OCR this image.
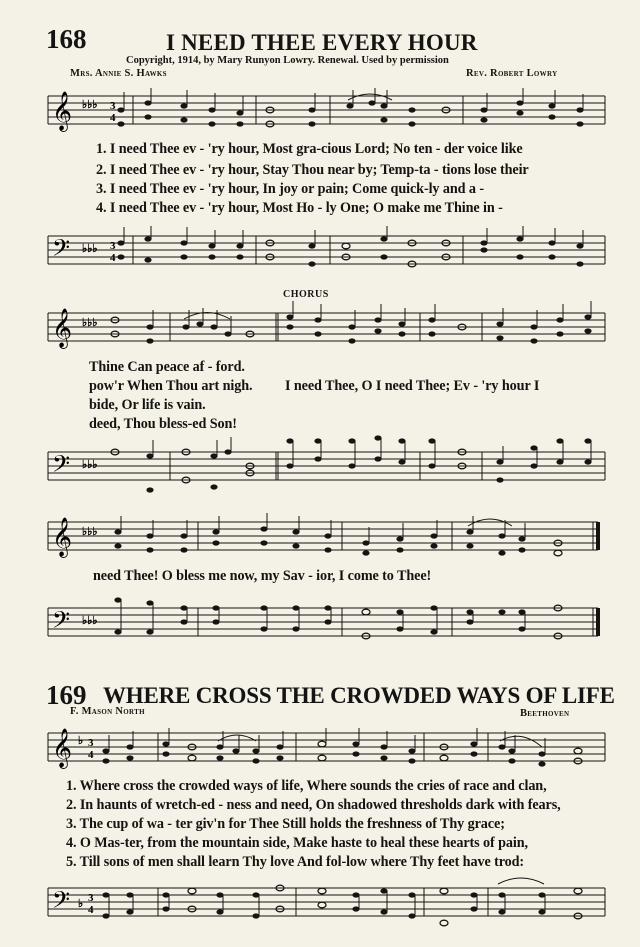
168	I NEED THEE EVERY HOUR
Copyright, 1914, by Mary Runyon Lowry. Renewal. Used by permission
Mrs. Annie S. Hawks	Rev. Robert Lowry
𝄞 ♭♭♭ 3
4
1. I need Thee ev - 'ry hour, Most gra-cious Lord; No ten - der voice like
2. I need Thee ev - 'ry hour, Stay Thou near by; Temp-ta - tions lose their
3. I need Thee ev - 'ry hour, In joy or pain; Come quick-ly and a -
4. I need Thee ev - 'ry hour, Most Ho - ly One; O make me Thine in -
𝄢 ♭♭♭ 3
4
CHORUS
𝄞 ♭♭♭
Thine Can peace af - ford.
pow'r When Thou art nigh.
bide, Or life is vain.
deed, Thou bless-ed Son!
I need Thee, O I need Thee; Ev - 'ry hour I
𝄢 ♭♭♭
𝄞 ♭♭♭
need Thee! O bless me now, my Sav - ior, I come to Thee!
𝄢 ♭♭♭
169 WHERE CROSS THE CROWDED WAYS OF LIFE
F. Mason North	Beethoven
𝄞 ♭ 3
4
1. Where cross the crowded ways of life, Where sounds the cries of race and clan,
2. In haunts of wretch-ed - ness and need, On shadowed thresholds dark with fears,
3. The cup of wa - ter giv'n for Thee Still holds the freshness of Thy grace;
4. O Mas-ter, from the mountain side, Make haste to heal these hearts of pain,
5. Till sons of men shall learn Thy love And fol-low where Thy feet have trod:
𝄢 ♭ 3
4
